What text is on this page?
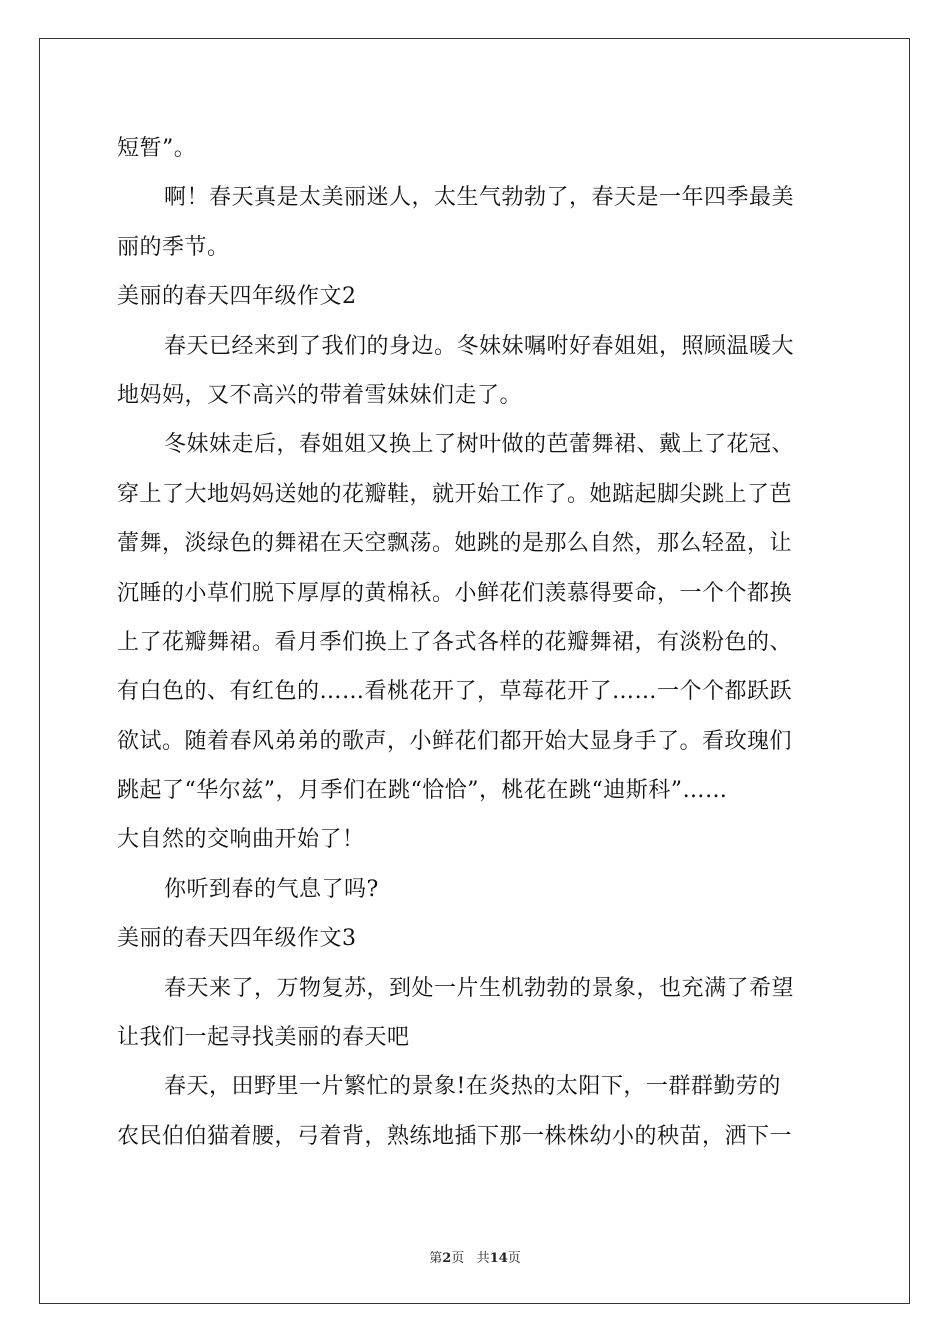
短暂”。
啊！春天真是太美丽迷人，太生气勃勃了，春天是一年四季最美
丽的季节。
美丽的春天四年级作文2
春天已经来到了我们的身边。冬妹妹嘱咐好春姐姐，照顾温暖大
地妈妈，又不高兴的带着雪妹妹们走了。
冬妹妹走后，春姐姐又换上了树叶做的芭蕾舞裙、戴上了花冠、
穿上了大地妈妈送她的花瓣鞋，就开始工作了。她踮起脚尖跳上了芭
蕾舞，淡绿色的舞裙在天空飘荡。她跳的是那么自然，那么轻盈，让
沉睡的小草们脱下厚厚的黄棉袄。小鲜花们羡慕得要命，一个个都换
上了花瓣舞裙。看月季们换上了各式各样的花瓣舞裙，有淡粉色的、
有白色的、有红色的……看桃花开了，草莓花开了……一个个都跃跃
欲试。随着春风弟弟的歌声，小鲜花们都开始大显身手了。看玫瑰们
跳起了“华尔兹”，月季们在跳“恰恰”，桃花在跳“迪斯科”……
大自然的交响曲开始了！
你听到春的气息了吗?
美丽的春天四年级作文3
春天来了，万物复苏，到处一片生机勃勃的景象，也充满了希望
让我们一起寻找美丽的春天吧
春天，田野里一片繁忙的景象!在炎热的太阳下，一群群勤劳的
农民伯伯猫着腰，弓着背，熟练地插下那一株株幼小的秧苗，洒下一
第2页 共14页
